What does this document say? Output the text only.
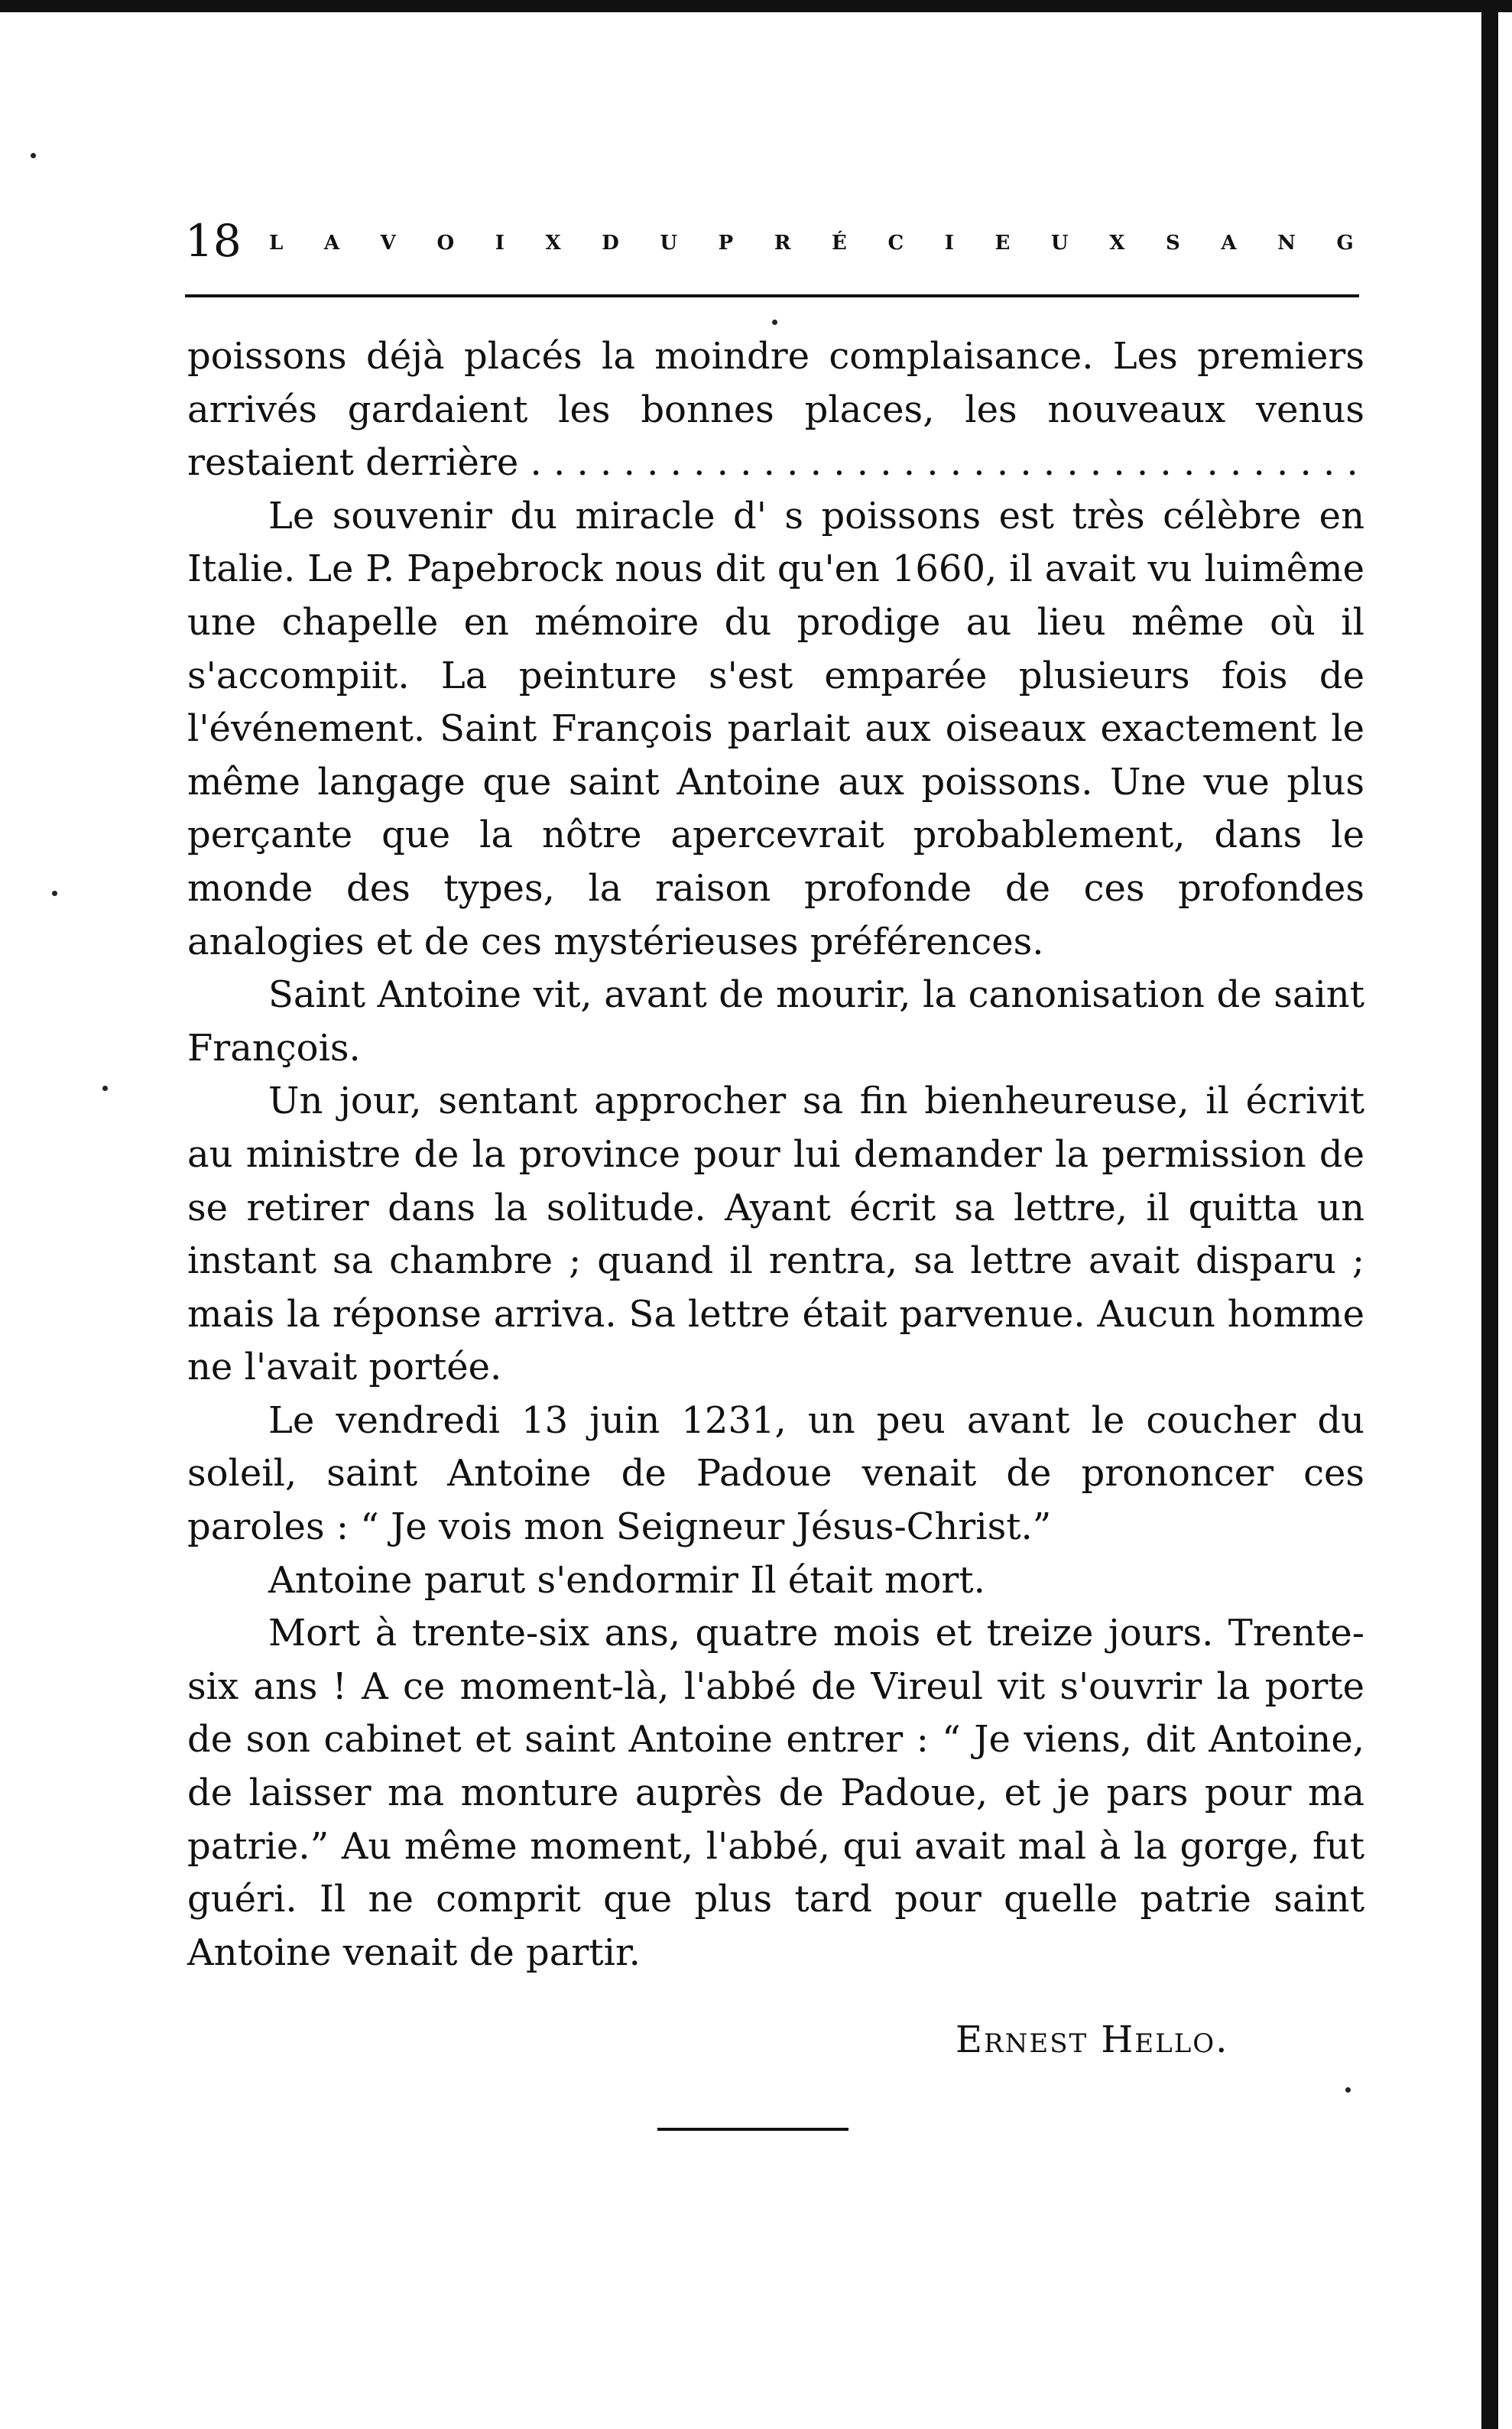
18 L A V O I X D U P R É C I E U X S A N G

poissons déjà placés la moindre complaisance. Les premiers arrivés gardaient les bonnes places, les nouveaux venus restaient derrière . . . . . . . . . . . . . . . . . . . . . . . . . . . . . . . . . . . .

Le souvenir du miracle d' s poissons est très célèbre en Italie. Le P. Papebrock nous dit qu'en 1660, il avait vu luimême une chapelle en mémoire du prodige au lieu même où il s'accompiit. La peinture s'est emparée plusieurs fois de l'événement. Saint François parlait aux oiseaux exactement le même langage que saint Antoine aux poissons. Une vue plus perçante que la nôtre apercevrait probablement, dans le monde des types, la raison profonde de ces profondes analogies et de ces mystérieuses préférences.

Saint Antoine vit, avant de mourir, la canonisation de saint François.

Un jour, sentant approcher sa fin bienheureuse, il écrivit au ministre de la province pour lui demander la permission de se retirer dans la solitude. Ayant écrit sa lettre, il quitta un instant sa chambre ; quand il rentra, sa lettre avait disparu ; mais la réponse arriva. Sa lettre était parvenue. Aucun homme ne l'avait portée.

Le vendredi 13 juin 1231, un peu avant le coucher du soleil, saint Antoine de Padoue venait de prononcer ces paroles : “ Je vois mon Seigneur Jésus-Christ.”

Antoine parut s'endormir Il était mort.

Mort à trente-six ans, quatre mois et treize jours. Trente-six ans ! A ce moment-là, l'abbé de Vireul vit s'ouvrir la porte de son cabinet et saint Antoine entrer : “ Je viens, dit Antoine, de laisser ma monture auprès de Padoue, et je pars pour ma patrie.” Au même moment, l'abbé, qui avait mal à la gorge, fut guéri. Il ne comprit que plus tard pour quelle patrie saint Antoine venait de partir.

Ernest Hello.
